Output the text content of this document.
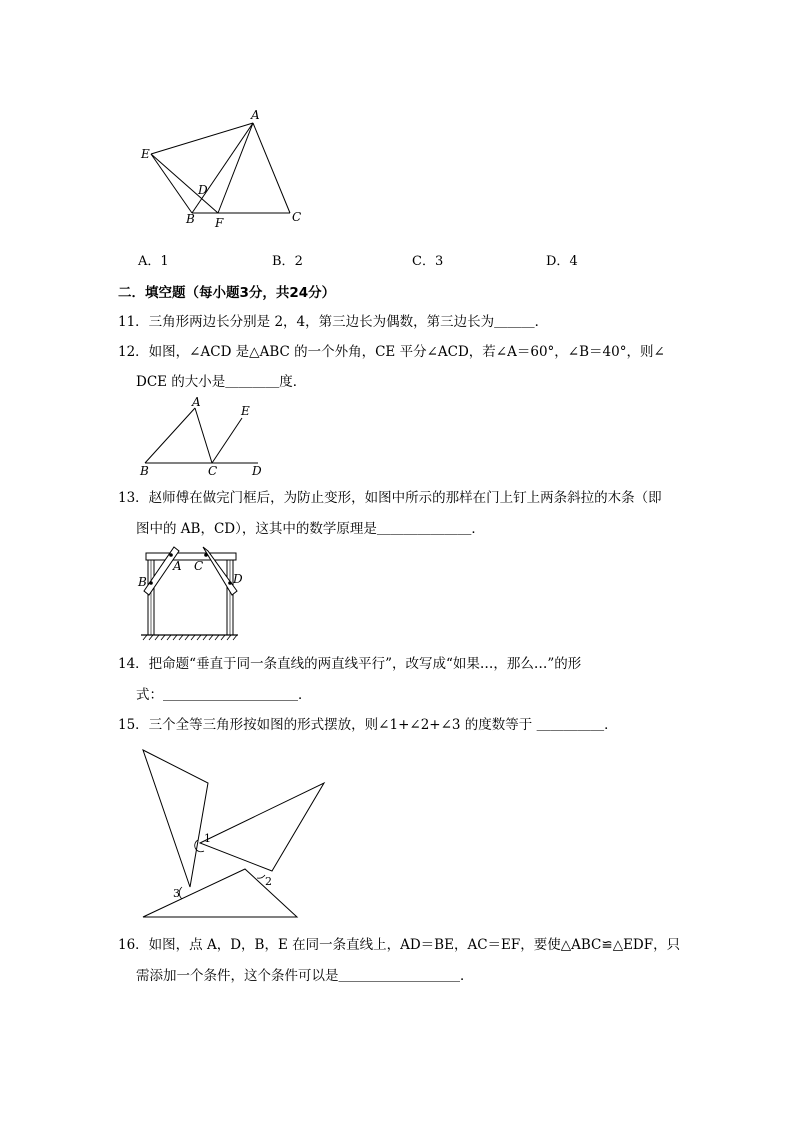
A
E
D
B F	C
A．1	B．2	C．3	D．4
二．填空题（每小题3分，共24分）
11．三角形两边长分别是 2，4，第三边长为偶数，第三边长为＿＿＿．
12．如图，∠ACD 是△ABC 的一个外角，CE 平分∠ACD，若∠A＝60°，∠B＝40°，则∠
DCE 的大小是＿＿＿＿度．
A
E
B	C	D
13．赵师傅在做完门框后，为防止变形，如图中所示的那样在门上钉上两条斜拉的木条（即
图中的 AB，CD），这其中的数学原理是＿＿＿＿＿＿＿．
A
B
C
D
14．把命题“垂直于同一条直线的两直线平行”，改写成“如果…，那么…”的形
式：＿＿＿＿＿＿＿＿＿＿．
15．三个全等三角形按如图的形式摆放，则∠1+∠2+∠3 的度数等于 ＿＿＿＿＿．
1
2
3
16．如图，点 A，D，B，E 在同一条直线上，AD＝BE，AC＝EF，要使△ABC≌△EDF，只
需添加一个条件，这个条件可以是＿＿＿＿＿＿＿＿＿．
